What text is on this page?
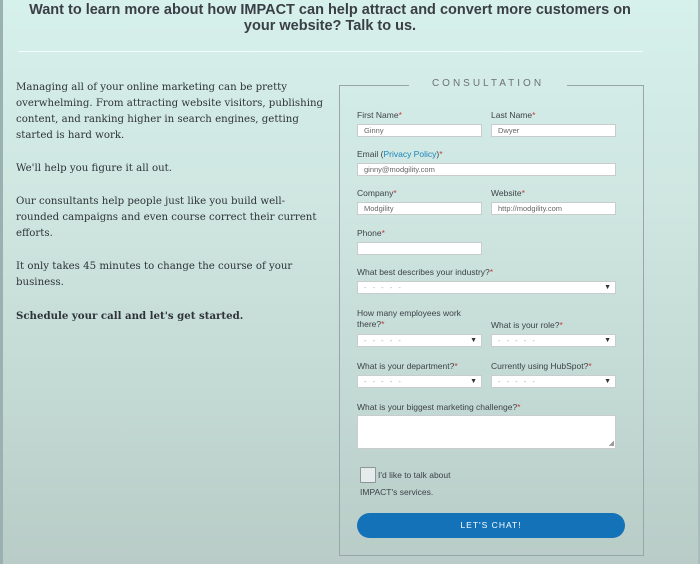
Want to learn more about how IMPACT can help attract and convert more customers on your website? Talk to us.

Managing all of your online marketing can be pretty overwhelming. From attracting website visitors, publishing content, and ranking higher in search engines, getting started is hard work.

We'll help you figure it all out.

Our consultants help people just like you build well-rounded campaigns and even course correct their current efforts.

It only takes 45 minutes to change the course of your business.

Schedule your call and let's get started.

CONSULTATION
First Name*
Ginny
Last Name*
Dwyer
Email (Privacy Policy)*
ginny@modgility.com
Company*
Modgility
Website*
http://modgility.com
Phone*
What best describes your industry?*
- - - - -	▼
How many employees work there?*
- - - - -	▼
What is your role?*
- - - - -	▼
What is your department?*
- - - - -	▼
Currently using HubSpot?*
- - - - -	▼
What is your biggest marketing challenge?*
◢
I'd like to talk about
IMPACT's services.
LET'S CHAT!
